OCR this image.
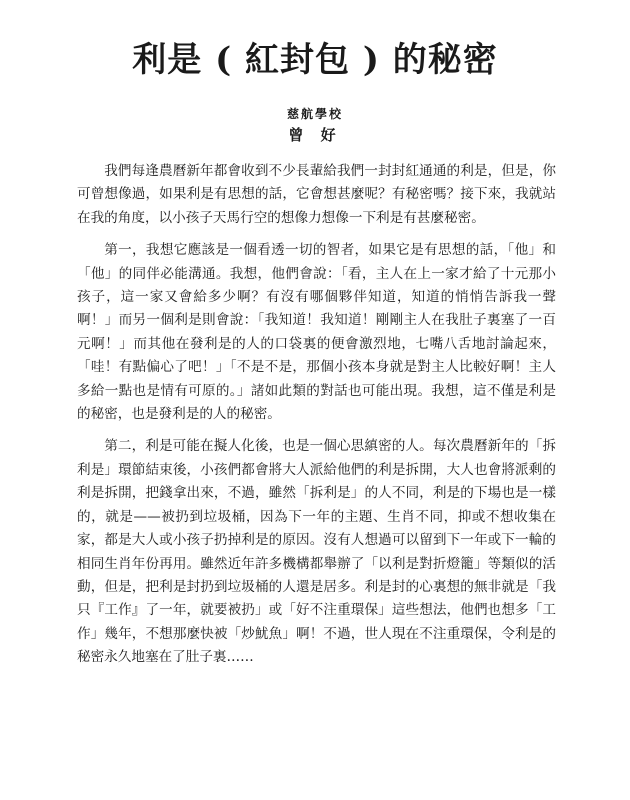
利是 ( 紅封包 ) 的秘密
慈航學校
曾 好

我們每逢農曆新年都會收到不少長輩給我們一封封紅通通的利是，但是，你可曾想像過，如果利是有思想的話，它會想甚麼呢？有秘密嗎？接下來，我就站在我的角度，以小孩子天馬行空的想像力想像一下利是有甚麼秘密。

第一，我想它應該是一個看透一切的智者，如果它是有思想的話，「他」和「他」的同伴必能溝通。我想，他們會說：「看，主人在上一家才給了十元那小孩子，這一家又會給多少啊？有沒有哪個夥伴知道，知道的悄悄告訴我一聲啊！」而另一個利是則會說：「我知道！我知道！剛剛主人在我肚子裏塞了一百元啊！」而其他在發利是的人的口袋裏的便會激烈地，七嘴八舌地討論起來，「哇！有點偏心了吧！」「不是不是，那個小孩本身就是對主人比較好啊！主人多給一點也是情有可原的。」諸如此類的對話也可能出現。我想，這不僅是利是的秘密，也是發利是的人的秘密。

第二，利是可能在擬人化後，也是一個心思縝密的人。每次農曆新年的「拆利是」環節結束後，小孩們都會將大人派給他們的利是拆開，大人也會將派剩的利是拆開，把錢拿出來，不過，雖然「拆利是」的人不同，利是的下場也是一樣的，就是——被扔到垃圾桶，因為下一年的主題、生肖不同，抑或不想收集在家，都是大人或小孩子扔掉利是的原因。沒有人想過可以留到下一年或下一輪的相同生肖年份再用。雖然近年許多機構都舉辦了「以利是對折燈籠」等類似的活動，但是，把利是封扔到垃圾桶的人還是居多。利是封的心裏想的無非就是「我只『工作』了一年，就要被扔」或「好不注重環保」這些想法，他們也想多「工作」幾年，不想那麼快被「炒魷魚」啊！不過，世人現在不注重環保，令利是的秘密永久地塞在了肚子裏……
